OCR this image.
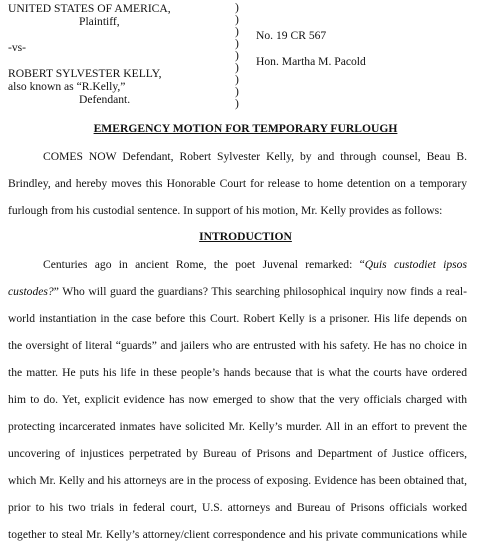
UNITED STATES OF AMERICA,
Plaintiff,
-vs-
ROBERT SYLVESTER KELLY,
also known as “R.Kelly,”
Defendant.
)
)
)
)
)
)
)
)
)
No. 19 CR 567
Hon. Martha M. Pacold
EMERGENCY MOTION FOR TEMPORARY FURLOUGH
COMES NOW Defendant, Robert Sylvester Kelly, by and through counsel, Beau B.
Brindley, and hereby moves this Honorable Court for release to home detention on a temporary
furlough from his custodial sentence. In support of his motion, Mr. Kelly provides as follows:
INTRODUCTION
Centuries ago in ancient Rome, the poet Juvenal remarked: “Quis custodiet ipsos
custodes?” Who will guard the guardians? This searching philosophical inquiry now finds a real-
world instantiation in the case before this Court. Robert Kelly is a prisoner. His life depends on
the oversight of literal “guards” and jailers who are entrusted with his safety. He has no choice in
the matter. He puts his life in these people’s hands because that is what the courts have ordered
him to do. Yet, explicit evidence has now emerged to show that the very officials charged with
protecting incarcerated inmates have solicited Mr. Kelly’s murder. All in an effort to prevent the
uncovering of injustices perpetrated by Bureau of Prisons and Department of Justice officers,
which Mr. Kelly and his attorneys are in the process of exposing. Evidence has been obtained that,
prior to his two trials in federal court, U.S. attorneys and Bureau of Prisons officials worked
together to steal Mr. Kelly’s attorney/client correspondence and his private communications while
